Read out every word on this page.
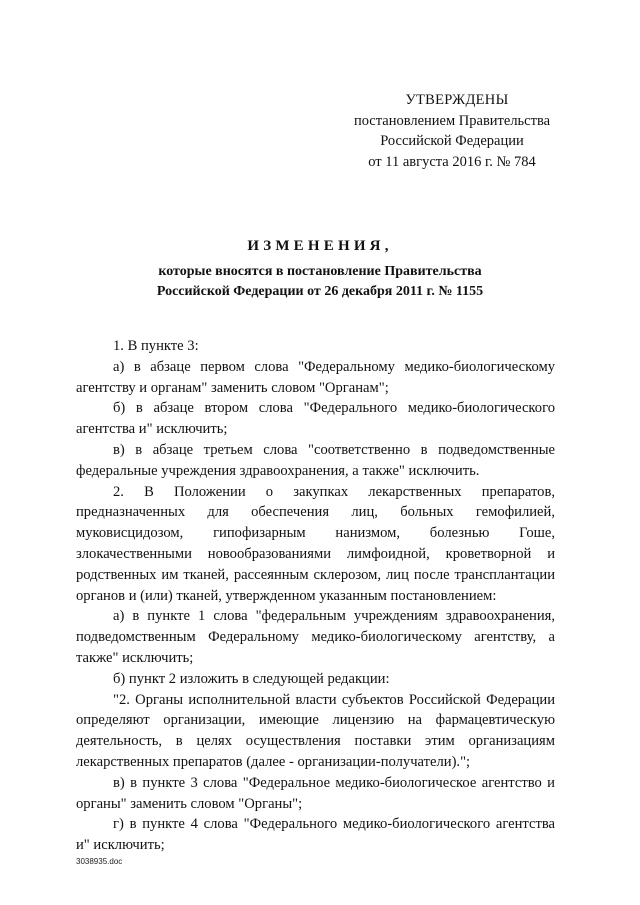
УТВЕРЖДЕНЫ
постановлением Правительства
Российской Федерации
от 11 августа 2016 г. № 784
ИЗМЕНЕНИЯ,
которые вносятся в постановление Правительства
Российской Федерации от 26 декабря 2011 г. № 1155

1. В пункте 3:

а) в абзаце первом слова "Федеральному медико-биологическому агентству и органам" заменить словом "Органам";

б) в абзаце втором слова "Федерального медико-биологического агентства и" исключить;

в) в абзаце третьем слова "соответственно в подведомственные федеральные учреждения здравоохранения, а также" исключить.

2. В Положении о закупках лекарственных препаратов, предназначенных для обеспечения лиц, больных гемофилией, муковисцидозом, гипофизарным нанизмом, болезнью Гоше, злокачественными новообразованиями лимфоидной, кроветворной и родственных им тканей, рассеянным склерозом, лиц после трансплантации органов и (или) тканей, утвержденном указанным постановлением:

а) в пункте 1 слова "федеральным учреждениям здравоохранения, подведомственным Федеральному медико-биологическому агентству, а также" исключить;

б) пункт 2 изложить в следующей редакции:

"2. Органы исполнительной власти субъектов Российской Федерации определяют организации, имеющие лицензию на фармацевтическую деятельность, в целях осуществления поставки этим организациям лекарственных препаратов (далее - организации-получатели).";

в) в пункте 3 слова "Федеральное медико-биологическое агентство и органы" заменить словом "Органы";

г) в пункте 4 слова "Федерального медико-биологического агентства и" исключить;

3038935.doc
